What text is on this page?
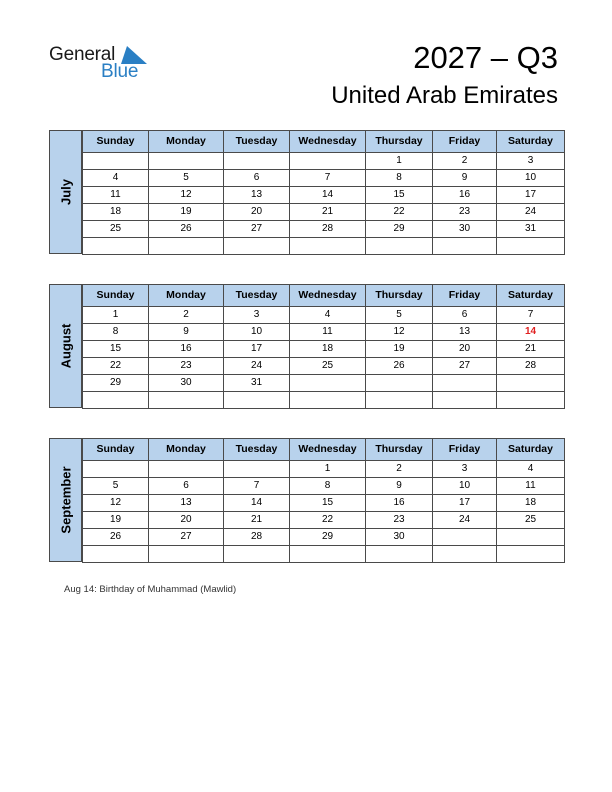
General
Blue	2027 – Q3
United Arab Emirates
July
Sunday	Monday	Tuesday	Wednesday	Thursday	Friday	Saturday
				1	2	3
4	5	6	7	8	9	10
11	12	13	14	15	16	17
18	19	20	21	22	23	24
25	26	27	28	29	30	31

August
Sunday	Monday	Tuesday	Wednesday	Thursday	Friday	Saturday
1	2	3	4	5	6	7
8	9	10	11	12	13	14
15	16	17	18	19	20	21
22	23	24	25	26	27	28
29	30	31				

September
Sunday	Monday	Tuesday	Wednesday	Thursday	Friday	Saturday
			1	2	3	4
5	6	7	8	9	10	11
12	13	14	15	16	17	18
19	20	21	22	23	24	25
26	27	28	29	30		

Aug 14: Birthday of Muhammad (Mawlid)
